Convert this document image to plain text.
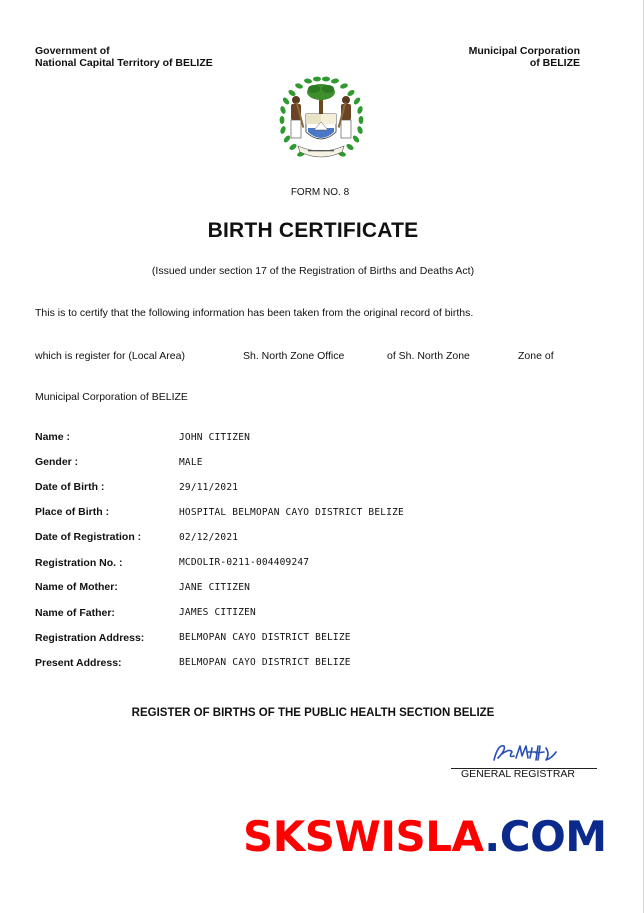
Government of
National Capital Territory of BELIZE
Municipal Corporation
of BELIZE
FORM NO. 8
BIRTH CERTIFICATE
(Issued under section 17 of the Registration of Births and Deaths Act)
This is to certify that the following information has been taken from the original record of births.
which is register for (Local Area)	Sh. North Zone Office	of Sh. North Zone	Zone of
Municipal Corporation of BELIZE
Name :	JOHN CITIZEN
Gender :	MALE
Date of Birth :	29/11/2021
Place of Birth :	HOSPITAL BELMOPAN CAYO DISTRICT BELIZE
Date of Registration :	02/12/2021
Registration No. :	MCDOLIR-0211-004409247
Name of Mother:	JANE CITIZEN
Name of Father:	JAMES CITIZEN
Registration Address:	BELMOPAN CAYO DISTRICT BELIZE
Present Address:	BELMOPAN CAYO DISTRICT BELIZE
REGISTER OF BIRTHS OF THE PUBLIC HEALTH SECTION BELIZE
GENERAL REGISTRAR
SKSWISLA.COM
